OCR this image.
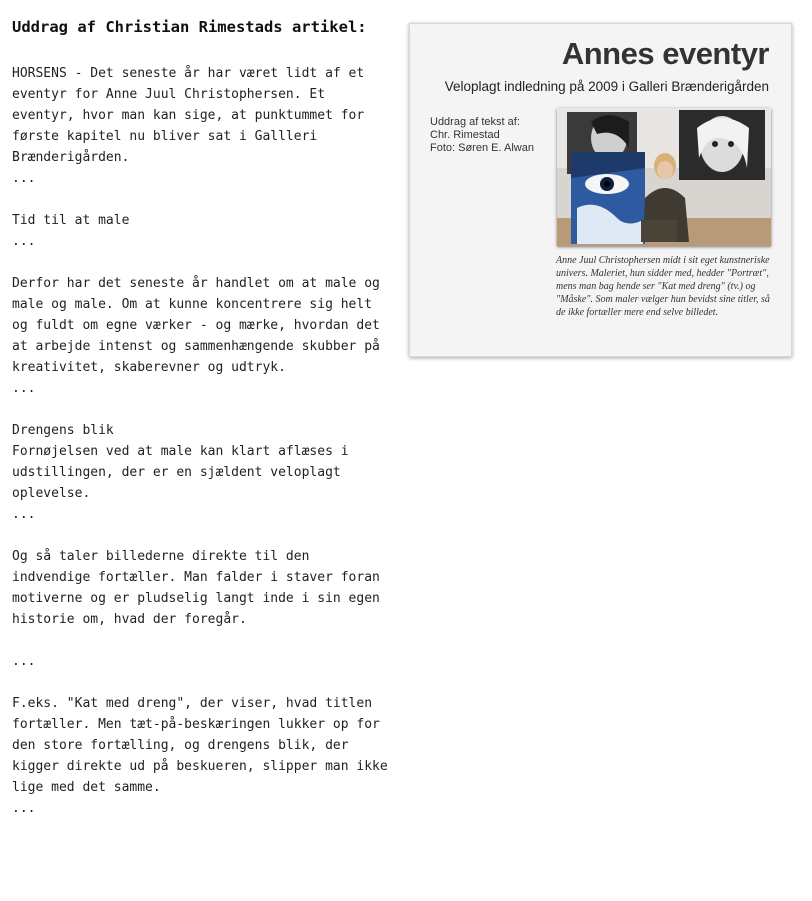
Uddrag af Christian Rimestads artikel:

HORSENS - Det seneste år har været lidt af et eventyr for Anne Juul Christophersen. Et eventyr, hvor man kan sige, at punktummet for første kapitel nu bliver sat i Gallleri Brænderigården.
...

Tid til at male
...

Derfor har det seneste år handlet om at male og male og male. Om at kunne koncentrere sig helt og fuldt om egne værker - og mærke, hvordan det at arbejde intenst og sammenhængende skubber på kreativitet, skaberevner og udtryk.
...

Drengens blik
Fornøjelsen ved at male kan klart aflæses i udstillingen, der er en sjældent veloplagt oplevelse.
...

Og så taler billederne direkte til den indvendige fortæller. Man falder i staver foran motiverne og er pludselig langt inde i sin egen historie om, hvad der foregår.

...

F.eks. "Kat med dreng", der viser, hvad titlen fortæller. Men tæt-på-beskæringen lukker op for den store fortælling, og drengens blik, der kigger direkte ud på beskueren, slipper man ikke lige med det samme.
...

Annes eventyr

Veloplagt indledning på 2009 i Galleri Brænderigården

Uddrag af tekst af:
Chr. Rimestad
Foto: Søren E. Alwan

Anne Juul Christophersen midt i sit eget kunstneriske univers. Maleriet, hun sidder med, hedder "Portræt", mens man bag hende ser "Kat med dreng" (tv.) og "Måske". Som maler vælger hun bevidst sine titler, så de ikke fortæller mere end selve billedet.
